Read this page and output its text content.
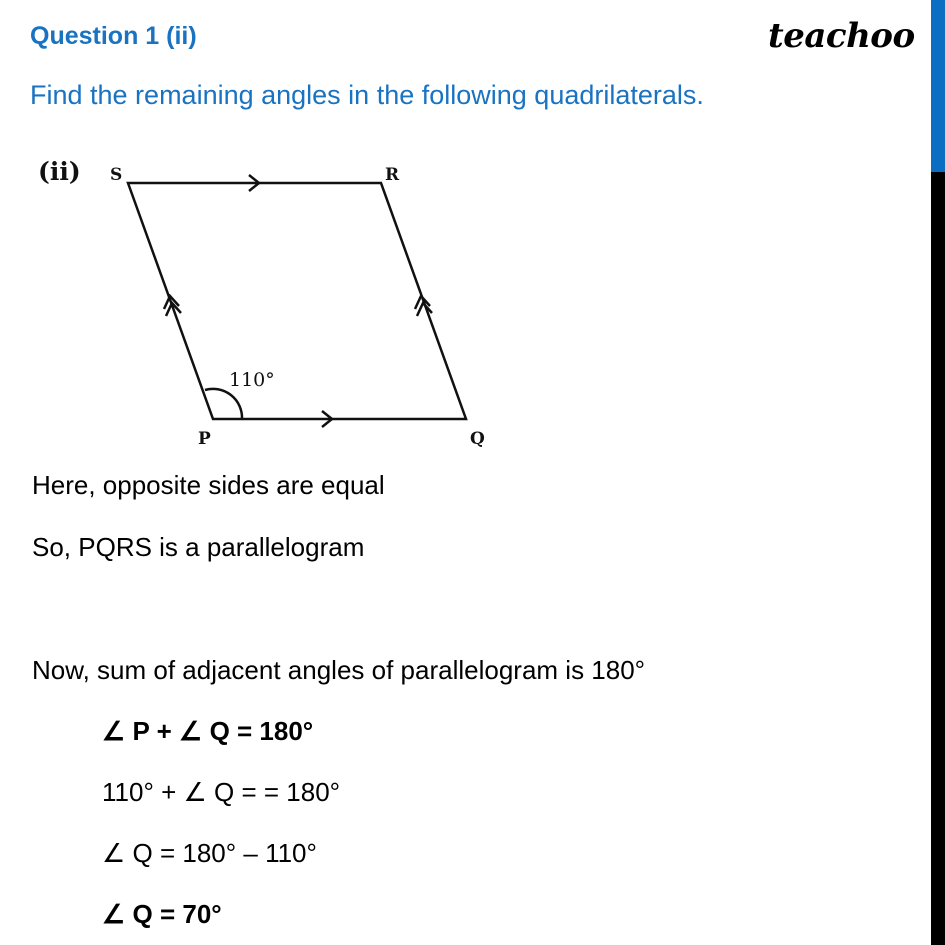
Question 1 (ii)	teachoo
Find the remaining angles in the following quadrilaterals.
(ii) S	R
P	Q
110°
Here, opposite sides are equal
So, PQRS is a parallelogram
Now, sum of adjacent angles of parallelogram is 180°
∠ P + ∠ Q = 180°
110° + ∠ Q = = 180°
∠ Q = 180° – 110°
∠ Q = 70°
